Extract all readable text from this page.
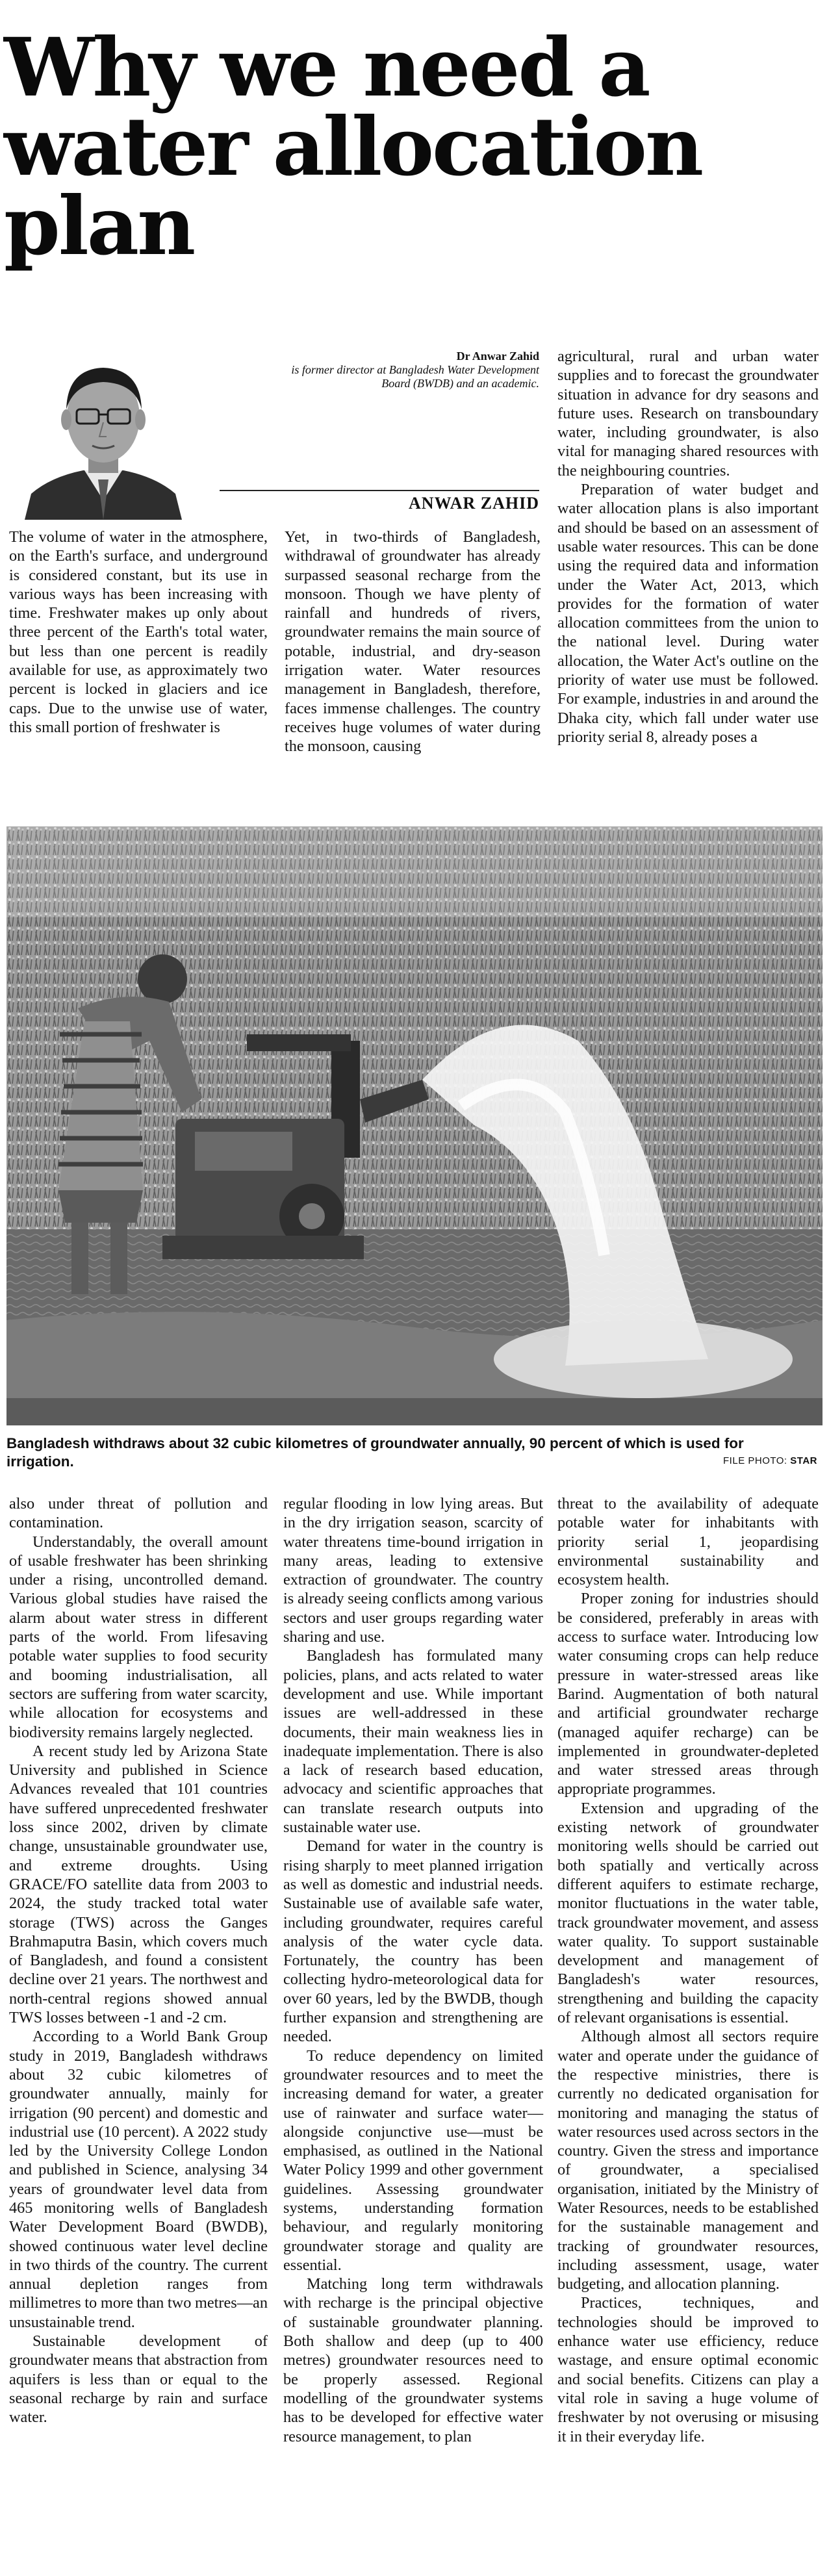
Why we need a
water allocation
plan
Dr Anwar Zahid
is former director at Bangladesh Water Development Board (BWDB) and an academic.
ANWAR ZAHID

The volume of water in the atmosphere, on the Earth's surface, and underground is considered constant, but its use in various ways has been increasing with time. Freshwater makes up only about three percent of the Earth's total water, but less than one percent is readily available for use, as approximately two percent is locked in glaciers and ice caps. Due to the unwise use of water, this small portion of freshwater is

Yet, in two-thirds of Bangladesh, withdrawal of groundwater has already surpassed seasonal recharge from the monsoon. Though we have plenty of rainfall and hundreds of rivers, groundwater remains the main source of potable, industrial, and dry-season irrigation water. Water resources management in Bangladesh, therefore, faces immense challenges. The country receives huge volumes of water during the monsoon, causing

agricultural, rural and urban water supplies and to forecast the groundwater situation in advance for dry seasons and future uses. Research on transboundary water, including groundwater, is also vital for managing shared resources with the neighbouring countries.

Preparation of water budget and water allocation plans is also important and should be based on an assessment of usable water resources. This can be done using the required data and information under the Water Act, 2013, which provides for the formation of water allocation committees from the union to the national level. During water allocation, the Water Act's outline on the priority of water use must be followed. For example, industries in and around the Dhaka city, which fall under water use priority serial 8, already poses a

Bangladesh withdraws about 32 cubic kilometres of groundwater annually, 90 percent of which is used for irrigation.	FILE PHOTO: STAR

also under threat of pollution and contamination.

Understandably, the overall amount of usable freshwater has been shrinking under a rising, uncontrolled demand. Various global studies have raised the alarm about water stress in different parts of the world. From lifesaving potable water supplies to food security and booming industrialisation, all sectors are suffering from water scarcity, while allocation for ecosystems and biodiversity remains largely neglected.

A recent study led by Arizona State University and published in Science Advances revealed that 101 countries have suffered unprecedented freshwater loss since 2002, driven by climate change, unsustainable groundwater use, and extreme droughts. Using GRACE/FO satellite data from 2003 to 2024, the study tracked total water storage (TWS) across the Ganges Brahmaputra Basin, which covers much of Bangladesh, and found a consistent decline over 21 years. The northwest and north-central regions showed annual TWS losses between -1 and -2 cm.

According to a World Bank Group study in 2019, Bangladesh withdraws about 32 cubic kilometres of groundwater annually, mainly for irrigation (90 percent) and domestic and industrial use (10 percent). A 2022 study led by the University College London and published in Science, analysing 34 years of groundwater level data from 465 monitoring wells of Bangladesh Water Development Board (BWDB), showed continuous water level decline in two thirds of the country. The current annual depletion ranges from millimetres to more than two metres—an unsustainable trend.

Sustainable development of groundwater means that abstraction from aquifers is less than or equal to the seasonal recharge by rain and surface water.

regular flooding in low lying areas. But in the dry irrigation season, scarcity of water threatens time-bound irrigation in many areas, leading to extensive extraction of groundwater. The country is already seeing conflicts among various sectors and user groups regarding water sharing and use.

Bangladesh has formulated many policies, plans, and acts related to water development and use. While important issues are well-addressed in these documents, their main weakness lies in inadequate implementation. There is also a lack of research based education, advocacy and scientific approaches that can translate research outputs into sustainable water use.

Demand for water in the country is rising sharply to meet planned irrigation as well as domestic and industrial needs. Sustainable use of available safe water, including groundwater, requires careful analysis of the water cycle data. Fortunately, the country has been collecting hydro-meteorological data for over 60 years, led by the BWDB, though further expansion and strengthening are needed.

To reduce dependency on limited groundwater resources and to meet the increasing demand for water, a greater use of rainwater and surface water—alongside conjunctive use—must be emphasised, as outlined in the National Water Policy 1999 and other government guidelines. Assessing groundwater systems, understanding formation behaviour, and regularly monitoring groundwater storage and quality are essential.

Matching long term withdrawals with recharge is the principal objective of sustainable groundwater planning. Both shallow and deep (up to 400 metres) groundwater resources need to be properly assessed. Regional modelling of the groundwater systems has to be developed for effective water resource management, to plan

threat to the availability of adequate potable water for inhabitants with priority serial 1, jeopardising environmental sustainability and ecosystem health.

Proper zoning for industries should be considered, preferably in areas with access to surface water. Introducing low water consuming crops can help reduce pressure in water-stressed areas like Barind. Augmentation of both natural and artificial groundwater recharge (managed aquifer recharge) can be implemented in groundwater-depleted and water stressed areas through appropriate programmes.

Extension and upgrading of the existing network of groundwater monitoring wells should be carried out both spatially and vertically across different aquifers to estimate recharge, monitor fluctuations in the water table, track groundwater movement, and assess water quality. To support sustainable development and management of Bangladesh's water resources, strengthening and building the capacity of relevant organisations is essential.

Although almost all sectors require water and operate under the guidance of the respective ministries, there is currently no dedicated organisation for monitoring and managing the status of water resources used across sectors in the country. Given the stress and importance of groundwater, a specialised organisation, initiated by the Ministry of Water Resources, needs to be established for the sustainable management and tracking of groundwater resources, including assessment, usage, water budgeting, and allocation planning.

Practices, techniques, and technologies should be improved to enhance water use efficiency, reduce wastage, and ensure optimal economic and social benefits. Citizens can play a vital role in saving a huge volume of freshwater by not overusing or misusing it in their everyday life.
